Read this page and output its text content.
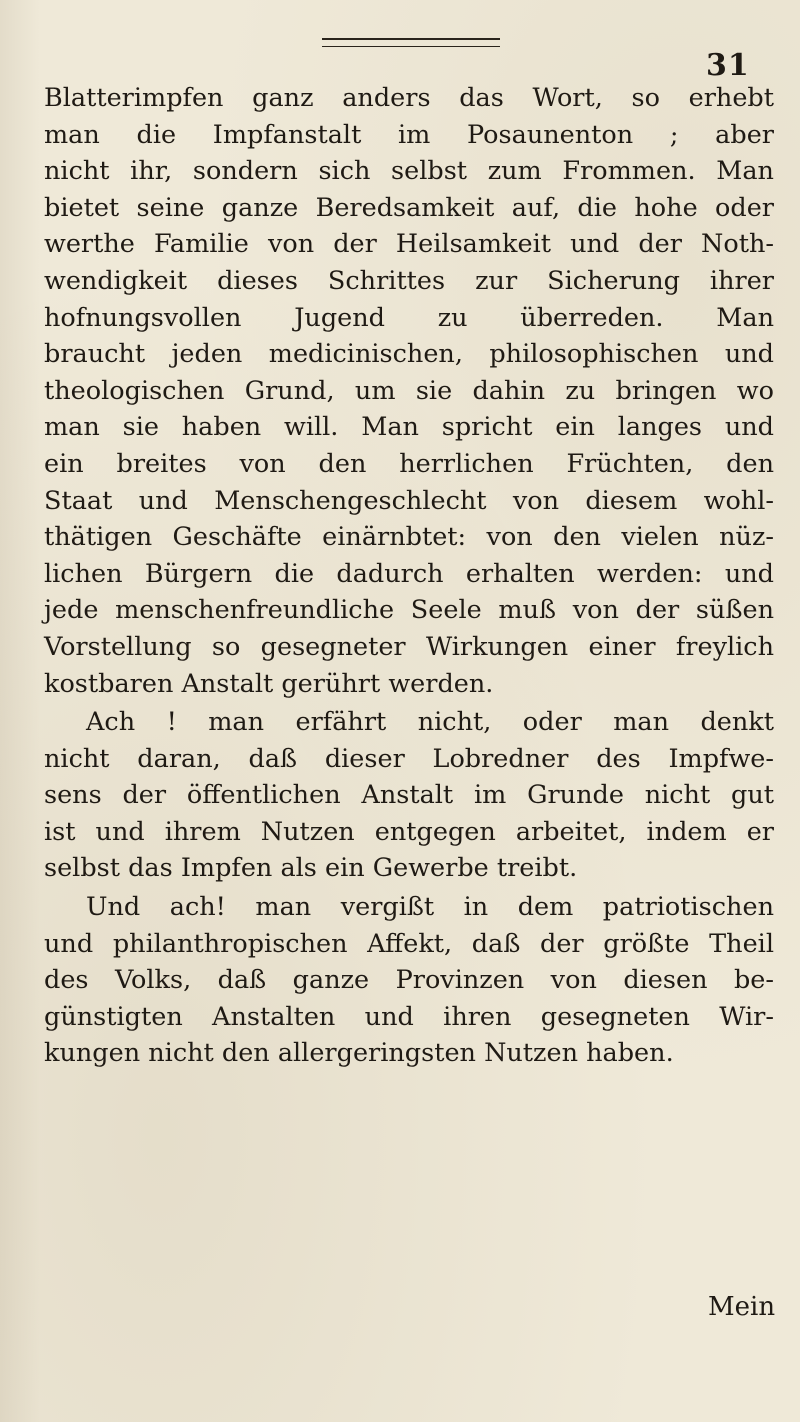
31
Blatterimpfen ganz anders das Wort, so erhebt
man die Impfanstalt im Posaunenton ; aber
nicht ihr, sondern sich selbst zum Frommen. Man
bietet seine ganze Beredsamkeit auf, die hohe oder
werthe Familie von der Heilsamkeit und der Noth-
wendigkeit dieses Schrittes zur Sicherung ihrer
hofnungsvollen Jugend zu überreden. Man
braucht jeden medicinischen, philosophischen und
theologischen Grund, um sie dahin zu bringen wo
man sie haben will. Man spricht ein langes und
ein breites von den herrlichen Früchten, den
Staat und Menschengeschlecht von diesem wohl-
thätigen Geschäfte einärnbtet: von den vielen nüz-
lichen Bürgern die dadurch erhalten werden: und
jede menschenfreundliche Seele muß von der süßen
Vorstellung so gesegneter Wirkungen einer freylich
kostbaren Anstalt gerührt werden.
Ach ! man erfährt nicht, oder man denkt
nicht daran, daß dieser Lobredner des Impfwe-
sens der öffentlichen Anstalt im Grunde nicht gut
ist und ihrem Nutzen entgegen arbeitet, indem er
selbst das Impfen als ein Gewerbe treibt.
Und ach! man vergißt in dem patriotischen
und philanthropischen Affekt, daß der größte Theil
des Volks, daß ganze Provinzen von diesen be-
günstigten Anstalten und ihren gesegneten Wir-
kungen nicht den allergeringsten Nutzen haben.
Mein
